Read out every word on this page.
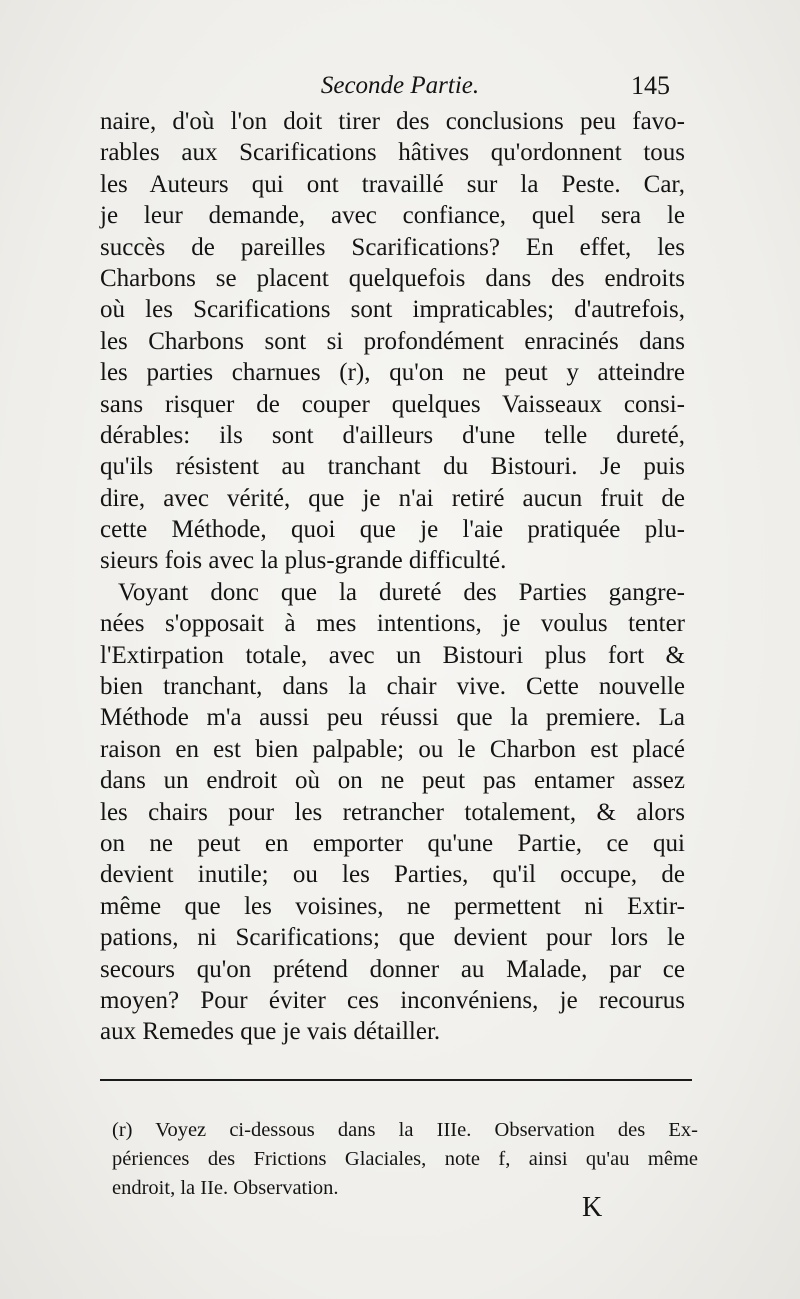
Seconde Partie.	145
naire, d'où l'on doit tirer des conclusions peu favo-
rables aux Scarifications hâtives qu'ordonnent tous
les Auteurs qui ont travaillé sur la Peste. Car,
je leur demande, avec confiance, quel sera le
succès de pareilles Scarifications? En effet, les
Charbons se placent quelquefois dans des endroits
où les Scarifications sont impraticables; d'autrefois,
les Charbons sont si profondément enracinés dans
les parties charnues (r), qu'on ne peut y atteindre
sans risquer de couper quelques Vaisseaux consi-
dérables: ils sont d'ailleurs d'une telle dureté,
qu'ils résistent au tranchant du Bistouri. Je puis
dire, avec vérité, que je n'ai retiré aucun fruit de
cette Méthode, quoi que je l'aie pratiquée plu-
sieurs fois avec la plus-grande difficulté.
Voyant donc que la dureté des Parties gangre-
nées s'opposait à mes intentions, je voulus tenter
l'Extirpation totale, avec un Bistouri plus fort &
bien tranchant, dans la chair vive. Cette nouvelle
Méthode m'a aussi peu réussi que la premiere. La
raison en est bien palpable; ou le Charbon est placé
dans un endroit où on ne peut pas entamer assez
les chairs pour les retrancher totalement, & alors
on ne peut en emporter qu'une Partie, ce qui
devient inutile; ou les Parties, qu'il occupe, de
même que les voisines, ne permettent ni Extir-
pations, ni Scarifications; que devient pour lors le
secours qu'on prétend donner au Malade, par ce
moyen? Pour éviter ces inconvéniens, je recourus
aux Remedes que je vais détailler.
(r) Voyez ci-dessous dans la IIIe. Observation des Ex-
périences des Frictions Glaciales, note f, ainsi qu'au même
endroit, la IIe. Observation.
K
